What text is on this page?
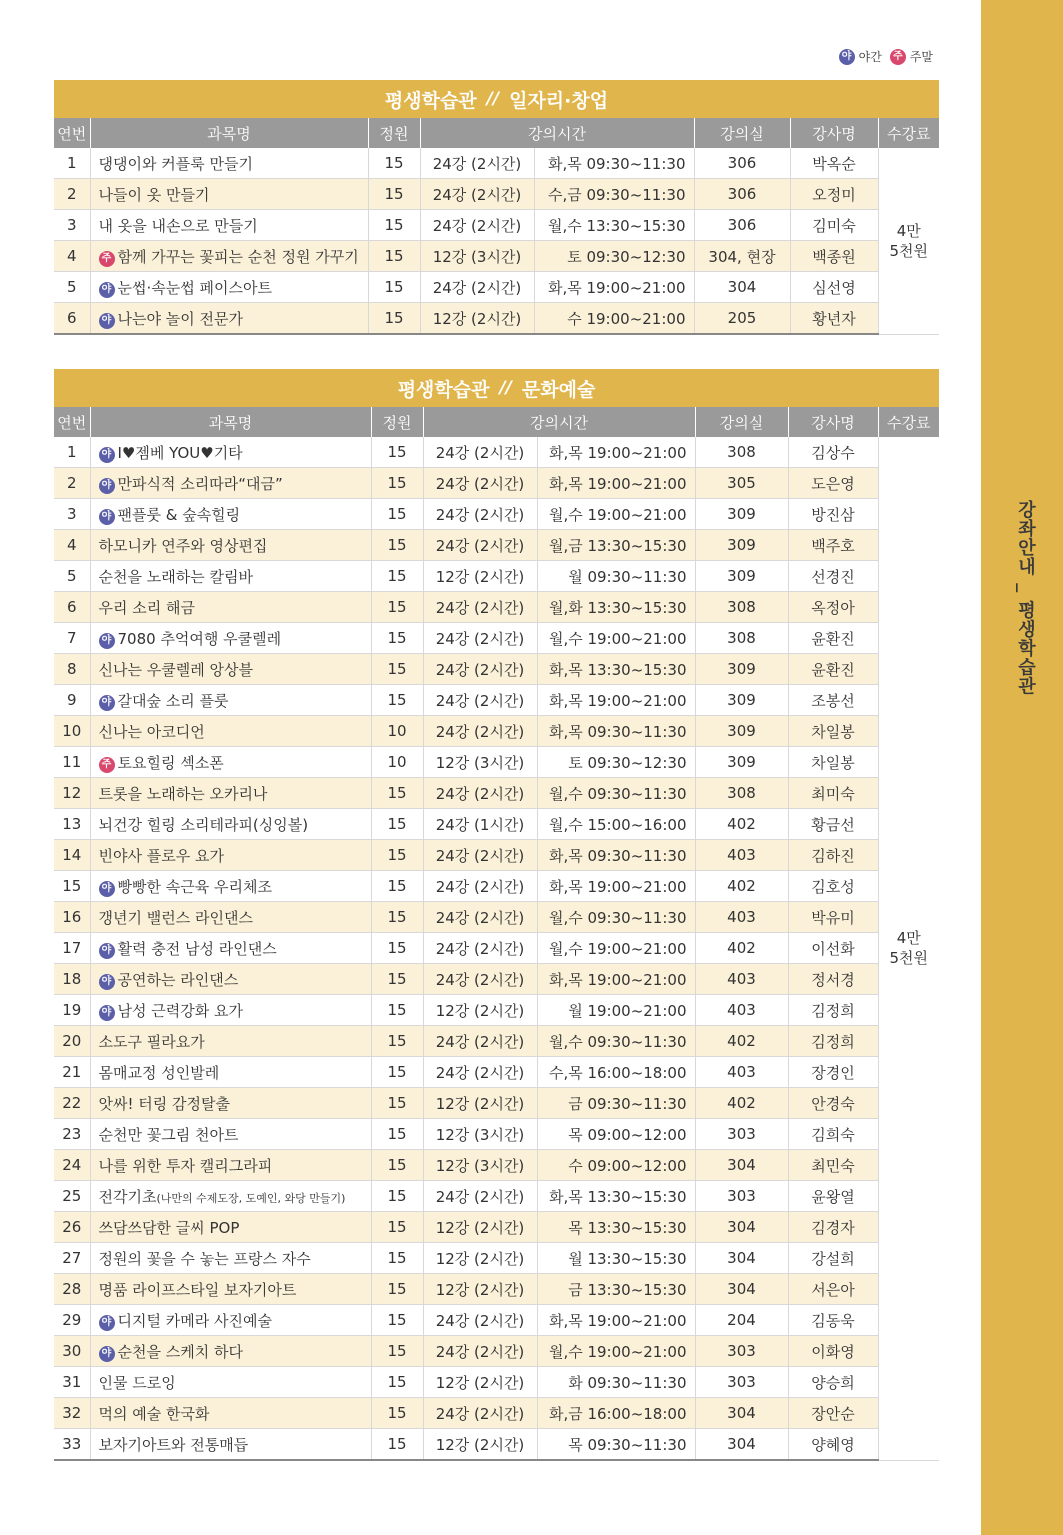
강좌안내 _ 평생학습관
야 야간	주 주말
평생학습관 // 일자리·창업
연번	과목명	정원	강의시간		강의실	강사명	수강료
1	댕댕이와 커플룩 만들기	15	24강 (2시간)	화,목 09:30~11:30	306	박옥순	4만
5천원
2	나들이 옷 만들기	15	24강 (2시간)	수,금 09:30~11:30	306	오정미	
3	내 옷을 내손으로 만들기	15	24강 (2시간)	월,수 13:30~15:30	306	김미숙	
4	주 함께 가꾸는 꽃피는 순천 정원 가꾸기	15	12강 (3시간)	토 09:30~12:30	304, 현장	백종원	
5	야 눈썹·속눈썹 페이스아트	15	24강 (2시간)	화,목 19:00~21:00	304	심선영	
6	야 나는야 놀이 전문가	15	12강 (2시간)	수 19:00~21:00	205	황년자	
평생학습관 // 문화예술
연번	과목명	정원	강의시간		강의실	강사명	수강료
1	야 I♥젬베 YOU♥기타	15	24강 (2시간)	화,목 19:00~21:00	308	김상수	4만
5천원
2	야 만파식적 소리따라“대금”	15	24강 (2시간)	화,목 19:00~21:00	305	도은영	
3	야 팬플룻 & 숲속힐링	15	24강 (2시간)	월,수 19:00~21:00	309	방진삼	
4	하모니카 연주와 영상편집	15	24강 (2시간)	월,금 13:30~15:30	309	백주호	
5	순천을 노래하는 칼림바	15	12강 (2시간)	월 09:30~11:30	309	선경진	
6	우리 소리 해금	15	24강 (2시간)	월,화 13:30~15:30	308	옥정아	
7	야 7080 추억여행 우쿨렐레	15	24강 (2시간)	월,수 19:00~21:00	308	윤환진	
8	신나는 우쿨렐레 앙상블	15	24강 (2시간)	화,목 13:30~15:30	309	윤환진	
9	야 갈대숲 소리 플룻	15	24강 (2시간)	화,목 19:00~21:00	309	조봉선	
10	신나는 아코디언	10	24강 (2시간)	화,목 09:30~11:30	309	차일봉	
11	주 토요힐링 섹소폰	10	12강 (3시간)	토 09:30~12:30	309	차일봉	
12	트롯을 노래하는 오카리나	15	24강 (2시간)	월,수 09:30~11:30	308	최미숙	
13	뇌건강 힐링 소리테라피(싱잉볼)	15	24강 (1시간)	월,수 15:00~16:00	402	황금선	
14	빈야사 플로우 요가	15	24강 (2시간)	화,목 09:30~11:30	403	김하진	
15	야 빵빵한 속근육 우리체조	15	24강 (2시간)	화,목 19:00~21:00	402	김호성	
16	갱년기 밸런스 라인댄스	15	24강 (2시간)	월,수 09:30~11:30	403	박유미	
17	야 활력 충전 남성 라인댄스	15	24강 (2시간)	월,수 19:00~21:00	402	이선화	
18	야 공연하는 라인댄스	15	24강 (2시간)	화,목 19:00~21:00	403	정서경	
19	야 남성 근력강화 요가	15	12강 (2시간)	월 19:00~21:00	403	김정희	
20	소도구 필라요가	15	24강 (2시간)	월,수 09:30~11:30	402	김정희	
21	몸매교정 성인발레	15	24강 (2시간)	수,목 16:00~18:00	403	장경인	
22	앗싸! 터링 감정탈출	15	12강 (2시간)	금 09:30~11:30	402	안경숙	
23	순천만 꽃그림 천아트	15	12강 (3시간)	목 09:00~12:00	303	김희숙	
24	나를 위한 투자 캘리그라피	15	12강 (3시간)	수 09:00~12:00	304	최민숙	
25	전각기초(나만의 수제도장, 도예인, 와당 만들기)	15	24강 (2시간)	화,목 13:30~15:30	303	윤왕열	
26	쓰담쓰담한 글씨 POP	15	12강 (2시간)	목 13:30~15:30	304	김경자	
27	정원의 꽃을 수 놓는 프랑스 자수	15	12강 (2시간)	월 13:30~15:30	304	강설희	
28	명품 라이프스타일 보자기아트	15	12강 (2시간)	금 13:30~15:30	304	서은아	
29	야 디지털 카메라 사진예술	15	24강 (2시간)	화,목 19:00~21:00	204	김동욱	
30	야 순천을 스케치 하다	15	24강 (2시간)	월,수 19:00~21:00	303	이화영	
31	인물 드로잉	15	12강 (2시간)	화 09:30~11:30	303	양승희	
32	먹의 예술 한국화	15	24강 (2시간)	화,금 16:00~18:00	304	장안순	
33	보자기아트와 전통매듭	15	12강 (2시간)	목 09:30~11:30	304	양혜영	
